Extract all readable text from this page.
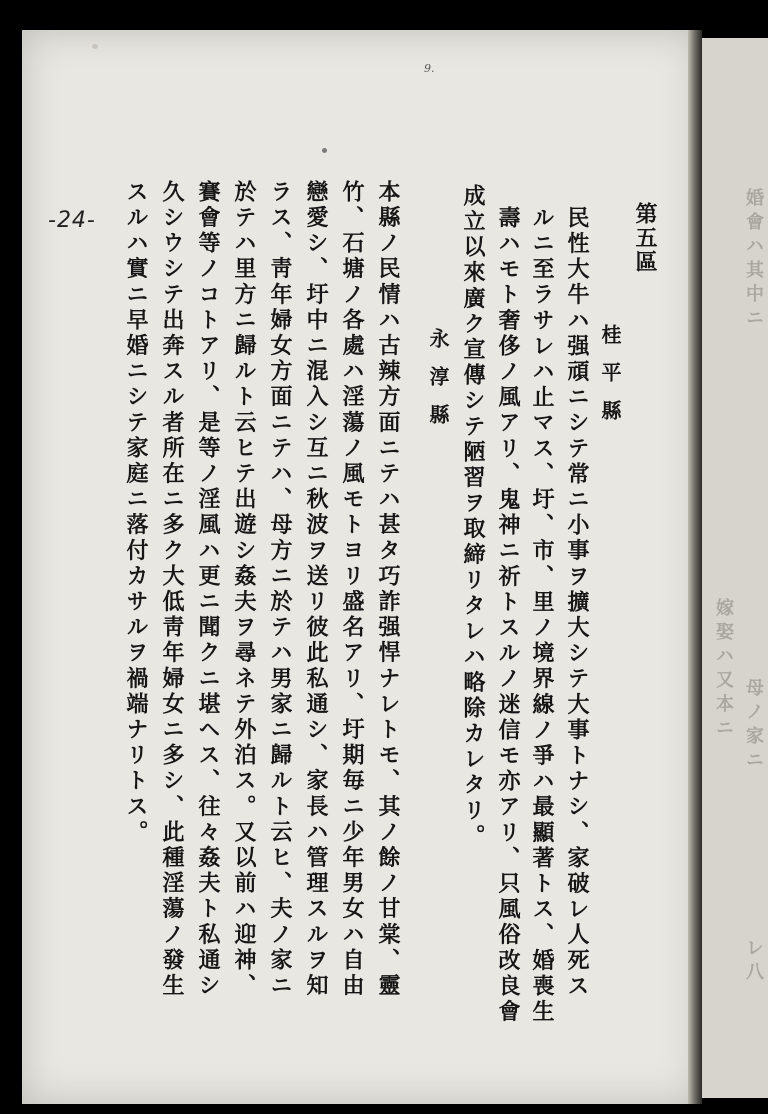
婚會ハ其中ニ
嫁娶ハ又本ニ 母ノ家ニ
レ八
-24-
9.
第五區
桂平縣
民性大牛ハ强頑ニシテ常ニ小事ヲ擴大シテ大事トナシ、家破レ人死ス
ルニ至ラサレハ止マス、圩、市、里ノ境界線ノ爭ハ最顯著トス、婚喪生
壽ハモト奢侈ノ風アリ、鬼神ニ祈トスルノ迷信モ亦アリ、只風俗改良會
成立以來廣ク宣傳シテ陋習ヲ取締リタレハ略除カレタリ。
永淳縣
本縣ノ民情ハ古辣方面ニテハ甚タ巧詐强悍ナレトモ、其ノ餘ノ甘棠、靈
竹、石塘ノ各處ハ淫蕩ノ風モトヨリ盛名アリ、圩期毎ニ少年男女ハ自由
戀愛シ、圩中ニ混入シ互ニ秋波ヲ送リ彼此私通シ、家長ハ管理スルヲ知
ラス、靑年婦女方面ニテハ、母方ニ於テハ男家ニ歸ルト云ヒ、夫ノ家ニ
於テハ里方ニ歸ルト云ヒテ出遊シ姦夫ヲ尋ネテ外泊ス。又以前ハ迎神、
賽會等ノコトアリ、是等ノ淫風ハ更ニ聞クニ堪ヘス、往々姦夫ト私通シ
久シウシテ出奔スル者所在ニ多ク大低靑年婦女ニ多シ、此種淫蕩ノ發生
スルハ實ニ早婚ニシテ家庭ニ落付カサルヲ禍端ナリトス。
